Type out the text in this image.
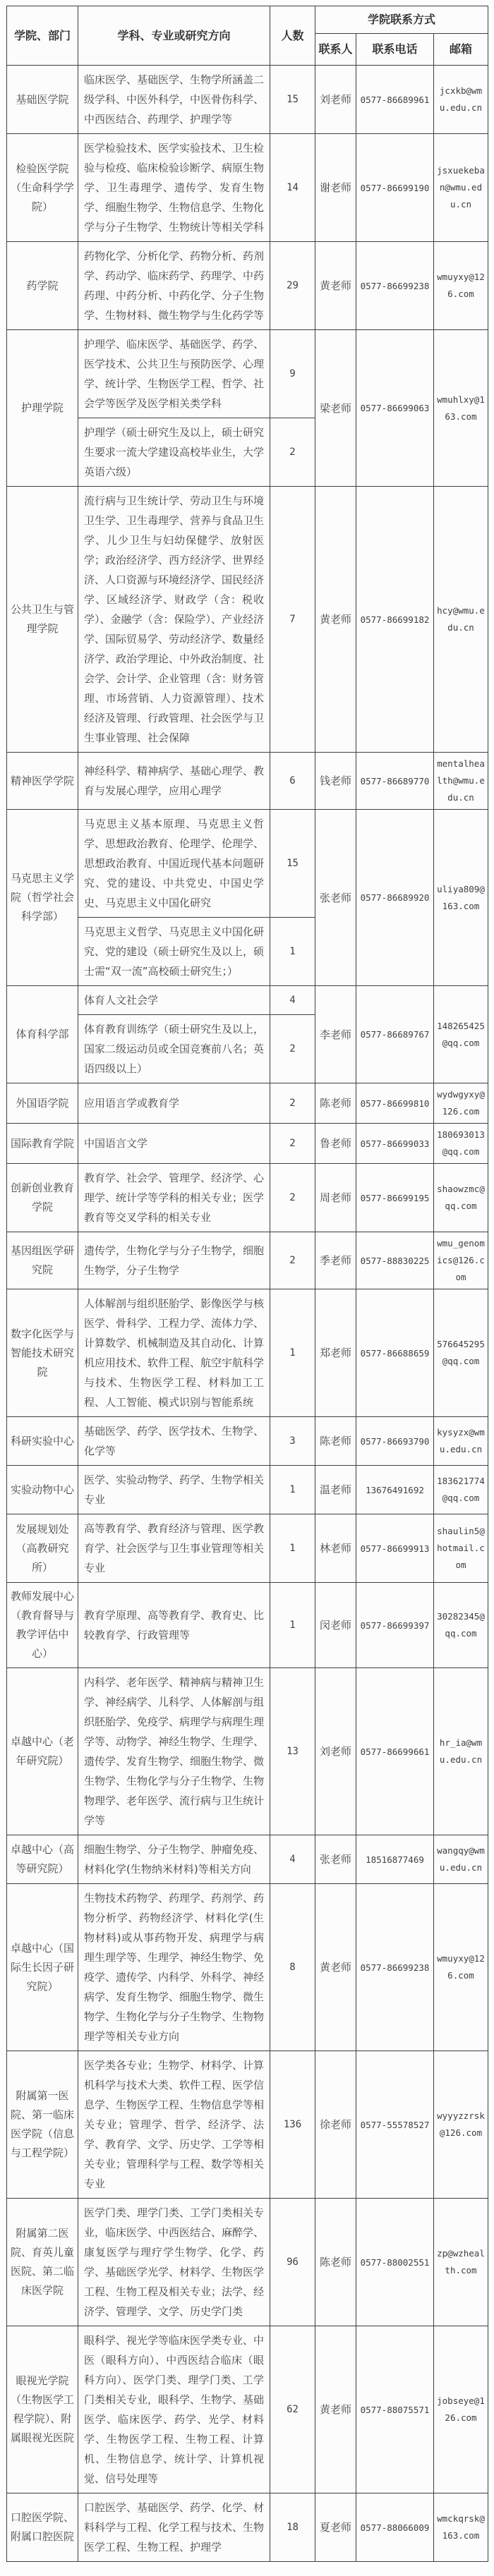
学院、部门	学科、专业或研究方向	人数	学院联系方式		
			联系人	联系电话	邮箱
基础医学院	临床医学、基础医学、生物学所涵盖二级学科、中医外科学，中医骨伤科学、中西医结合、药理学、护理学等	15	刘老师	0577-86689961	jcxkb@wmu.edu.cn
检验医学院（生命科学学院）	医学检验技术、医学实验技术、卫生检验与检疫、临床检验诊断学、病原生物学、卫生毒理学、遗传学、发育生物学、细胞生物学、生物信息学、生物化学与分子生物学、生物统计等相关学科	14	谢老师	0577-86699190	jsxuekeban@wmu.edu.cn
药学院	药物化学、分析化学、药物分析、药剂学、药动学、临床药学、药理学、中药药理、中药分析、中药化学、分子生物学、生物材料、微生物学与生化药学等	29	黄老师	0577-86699238	wmuyxy@126.com
护理学院	护理学、临床医学、基础医学、药学、医学技术、公共卫生与预防医学、心理学、统计学、生物医学工程、哲学、社会学等医学及医学相关类学科	9	梁老师	0577-86699063	wmuhlxy@163.com
	护理学（硕士研究生及以上，硕士研究生要求一流大学建设高校毕业生，大学英语六级）	2			
公共卫生与管理学院	流行病与卫生统计学、劳动卫生与环境卫生学、卫生毒理学、营养与食品卫生学、儿少卫生与妇幼保健学、放射医学；政治经济学、西方经济学、世界经济、人口资源与环境经济学、国民经济学、区域经济学、财政学（含：税收学）、金融学（含：保险学）、产业经济学、国际贸易学、劳动经济学、数量经济学、政治学理论、中外政治制度、社会学、会计学、企业管理（含：财务管理、市场营销、人力资源管理）、技术经济及管理、行政管理、社会医学与卫生事业管理、社会保障	7	黄老师	0577-86699182	hcy@wmu.edu.cn
精神医学学院	神经科学、精神病学、基础心理学、教育与发展心理学，应用心理学	6	钱老师	0577-86689770	mentalhealth@wmu.edu.cn
马克思主义学院（哲学社会科学部）	马克思主义基本原理、马克思主义哲学、思想政治教育、伦理学、伦理学、思想政治教育、中国近现代基本问题研究、党的建设、中共党史、中国史学史、马克思主义中国化研究	15	张老师	0577-86689920	uliya809@163.com
	马克思主义哲学、马克思主义中国化研究、党的建设（硕士研究生及以上，硕士需“双一流”高校硕士研究生；）	1			
体育科学部	体育人文社会学	4	李老师	0577-86689767	148265425@qq.com
	体育教育训练学（硕士研究生及以上，国家二级运动员或全国竞赛前八名；英语四级以上）	2			
外国语学院	应用语言学或教育学	2	陈老师	0577-86699810	wydwgyxy@126.com
国际教育学院	中国语言文学	2	鲁老师	0577-86699033	180693013@qq.com
创新创业教育学院	教育学、社会学、管理学、经济学、心理学、统计学等学科的相关专业；医学教育等交叉学科的相关专业	2	周老师	0577-86699195	shaowzmc@qq.com
基因组医学研究院	遗传学，生物化学与分子生物学，细胞生物学，分子生物学	2	季老师	0577-88830225	wmu_genomics@126.com
数字化医学与智能技术研究院	人体解剖与组织胚胎学、影像医学与核医学、骨科学、工程力学、流体力学、计算数学、机械制造及其自动化、计算机应用技术、软件工程、航空宇航科学与技术、生物医学工程、材料加工工程、人工智能、模式识别与智能系统	1	郑老师	0577-86688659	576645295@qq.com
科研实验中心	基础医学、药学、医学技术、生物学、化学等	3	陈老师	0577-86693790	kysyzx@wmu.edu.cn
实验动物中心	医学、实验动物学、药学、生物学相关专业	1	温老师	13676491692	183621774@qq.com
发展规划处（高教研究所）	高等教育学、教育经济与管理、医学教育学、社会医学与卫生事业管理等相关专业	1	林老师	0577-86699913	shaulin5@hotmail.com
教师发展中心（教育督导与教学评估中心）	教育学原理、高等教育学、教育史、比较教育学、行政管理等	1	闵老师	0577-86699397	30282345@qq.com
卓越中心（老年研究院）	内科学、老年医学、精神病与精神卫生学、神经病学、儿科学、人体解剖与组织胚胎学、免疫学、病理学与病理生理学等、动物学、神经生物学、生理学、遗传学、发育生物学、细胞生物学、微生物学、生物化学与分子生物学、生物物理学、老年医学、流行病与卫生统计学等	13	刘老师	0577-86699661	hr_ia@wmu.edu.cn
卓越中心（高等研究院）	细胞生物学、分子生物学、肿瘤免疫、材料化学(生物纳米材料)等相关方向	4	张老师	18516877469	wangqy@wmu.edu.cn
卓越中心（国际生长因子研究院）	生物技术药物学、药理学、药剂学、药物分析学、药物经济学、材料化学(生物材料)或从事药物开发、病理学与病理生理学等、生理学、神经生物学、免疫学、遗传学、内科学、外科学、神经病学、发育生物学、细胞生物学、微生物学、生物化学与分子生物学、生物物理学等相关专业方向	8	黄老师	0577-86699238	wmuyxy@126.com
附属第一医院、第一临床医学院（信息与工程学院）	医学类各专业；生物学、材料学、计算机科学与技术大类、软件工程、医学信息学、生物医学工程、生物信息学等相关专业；管理学、哲学、经济学、法学、教育学、文学、历史学、工学等相关专业；管理科学与工程、数学等相关专业	136	徐老师	0577-55578527	wyyyzzrsk@126.com
附属第二医院、育英儿童医院、第二临床医学院	医学门类、理学门类、工学门类相关专业，临床医学、中西医结合、麻醉学、康复医学与理疗学生物学、化学、药学、基础医学光学、材料学、生物医学工程、生物工程及相关专业；法学、经济学、管理学、文学、历史学门类	96	陈老师	0577-88002551	zp@wzhealth.com
眼视光学院（生物医学工程学院）、附属眼视光医院	眼科学、视光学等临床医学类专业、中医（眼科方向）、中西医结合临床（眼科方向）、医学门类、理学门类、工学门类相关专业，眼科学、生物学、基础医学、临床医学、药学、光学、材料学、生物医学工程、生物工程、计算机、生物信息学、统计学、计算机视觉、信号处理等	62	黄老师	0577-88075571	jobseye@126.com
口腔医学院、附属口腔医院	口腔医学、基础医学、药学、化学、材料科学与工程、化学工程与技术、生物医学工程、生物工程、护理学	18	夏老师	0577-88066009	wmckqrsk@163.com
